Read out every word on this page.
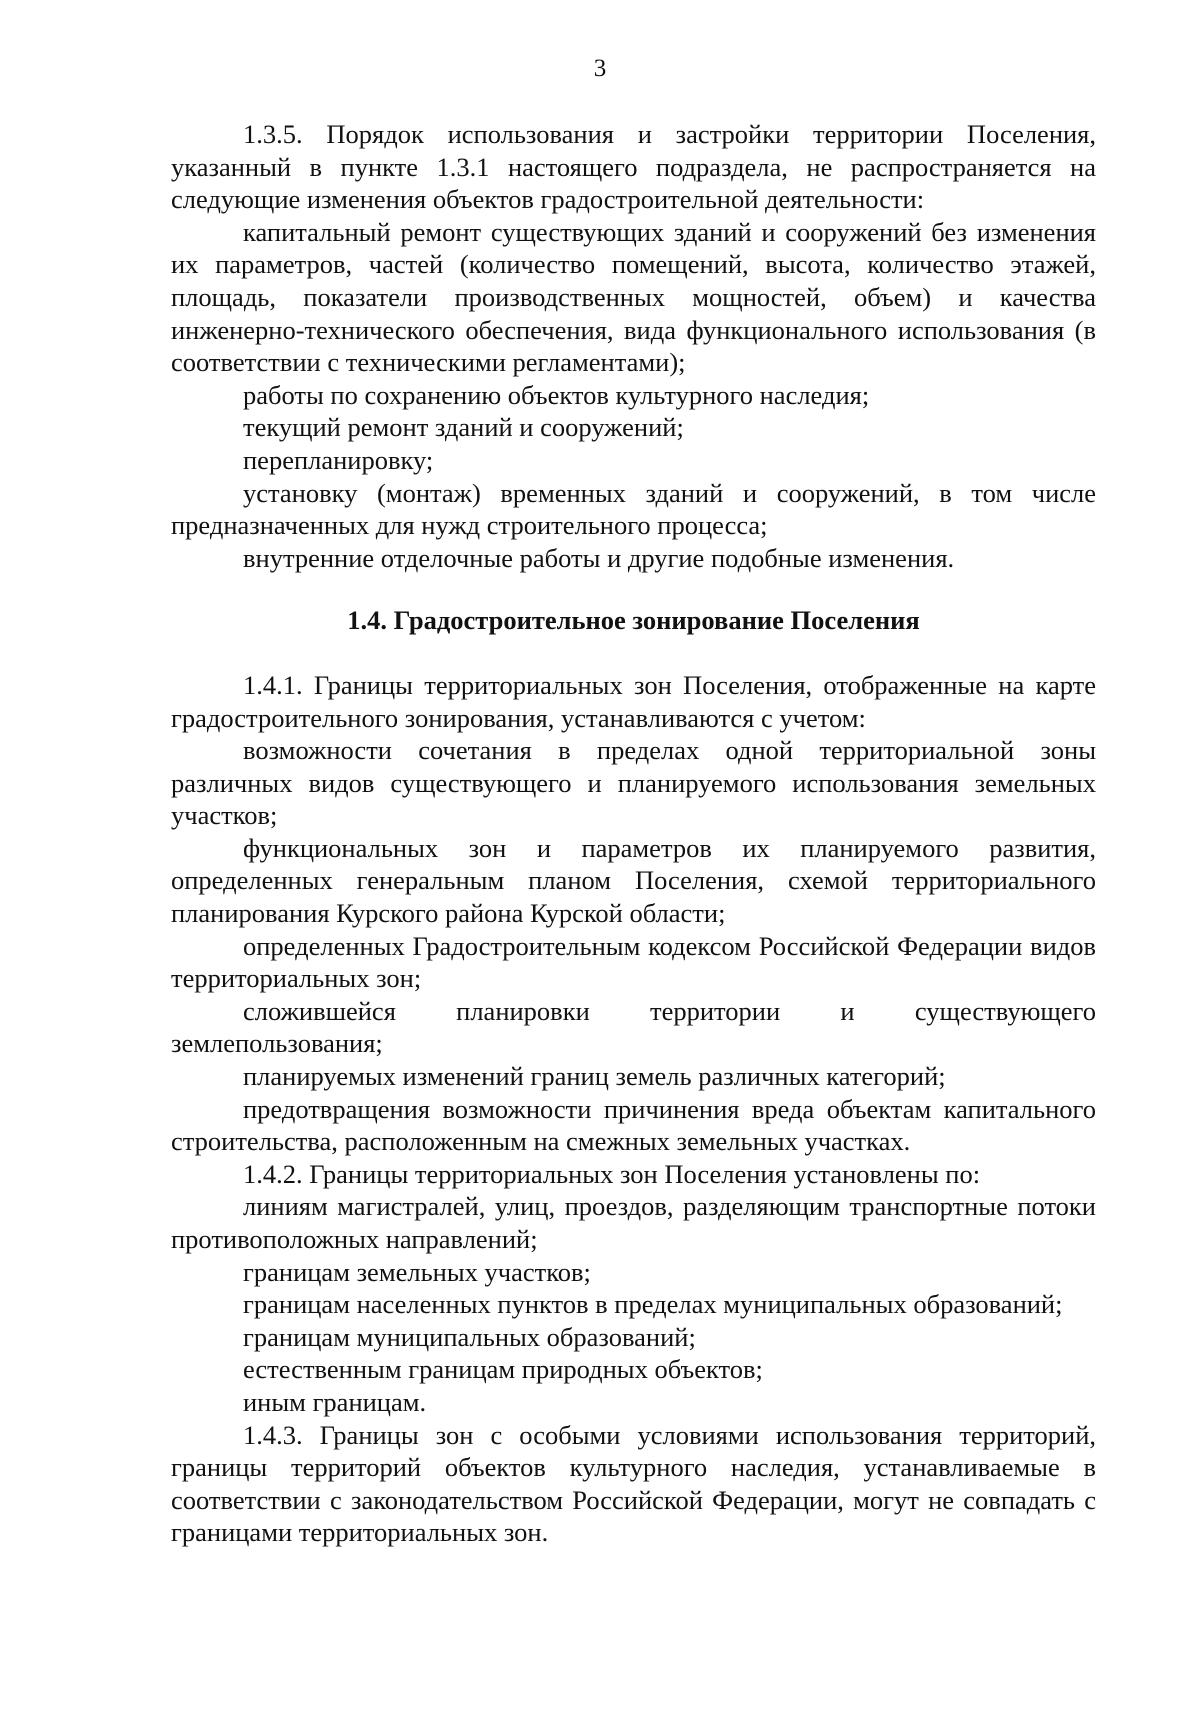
3

1.3.5. Порядок использования и застройки территории Поселения, указанный в пункте 1.3.1 настоящего подраздела, не распространяется на следующие изменения объектов градостроительной деятельности:

капитальный ремонт существующих зданий и сооружений без изменения их параметров, частей (количество помещений, высота, количество этажей, площадь, показатели производственных мощностей, объем) и качества инженерно-технического обеспечения, вида функционального использования (в соответствии с техническими регламентами);

работы по сохранению объектов культурного наследия;

текущий ремонт зданий и сооружений;

перепланировку;

установку (монтаж) временных зданий и сооружений, в том числе предназначенных для нужд строительного процесса;

внутренние отделочные работы и другие подобные изменения.

1.4. Градостроительное зонирование Поселения

1.4.1. Границы территориальных зон Поселения, отображенные на карте градостроительного зонирования, устанавливаются с учетом:

возможности сочетания в пределах одной территориальной зоны различных видов существующего и планируемого использования земельных участков;

функциональных зон и параметров их планируемого развития, определенных генеральным планом Поселения, схемой территориального планирования Курского района Курской области;

определенных Градостроительным кодексом Российской Федерации видов территориальных зон;

сложившейся планировки территории и существующего землепользования;

планируемых изменений границ земель различных категорий;

предотвращения возможности причинения вреда объектам капитального строительства, расположенным на смежных земельных участках.

1.4.2. Границы территориальных зон Поселения установлены по:

линиям магистралей, улиц, проездов, разделяющим транспортные потоки противоположных направлений;

границам земельных участков;

границам населенных пунктов в пределах муниципальных образований;

границам муниципальных образований;

естественным границам природных объектов;

иным границам.

1.4.3. Границы зон с особыми условиями использования территорий, границы территорий объектов культурного наследия, устанавливаемые в соответствии с законодательством Российской Федерации, могут не совпадать с границами территориальных зон.
